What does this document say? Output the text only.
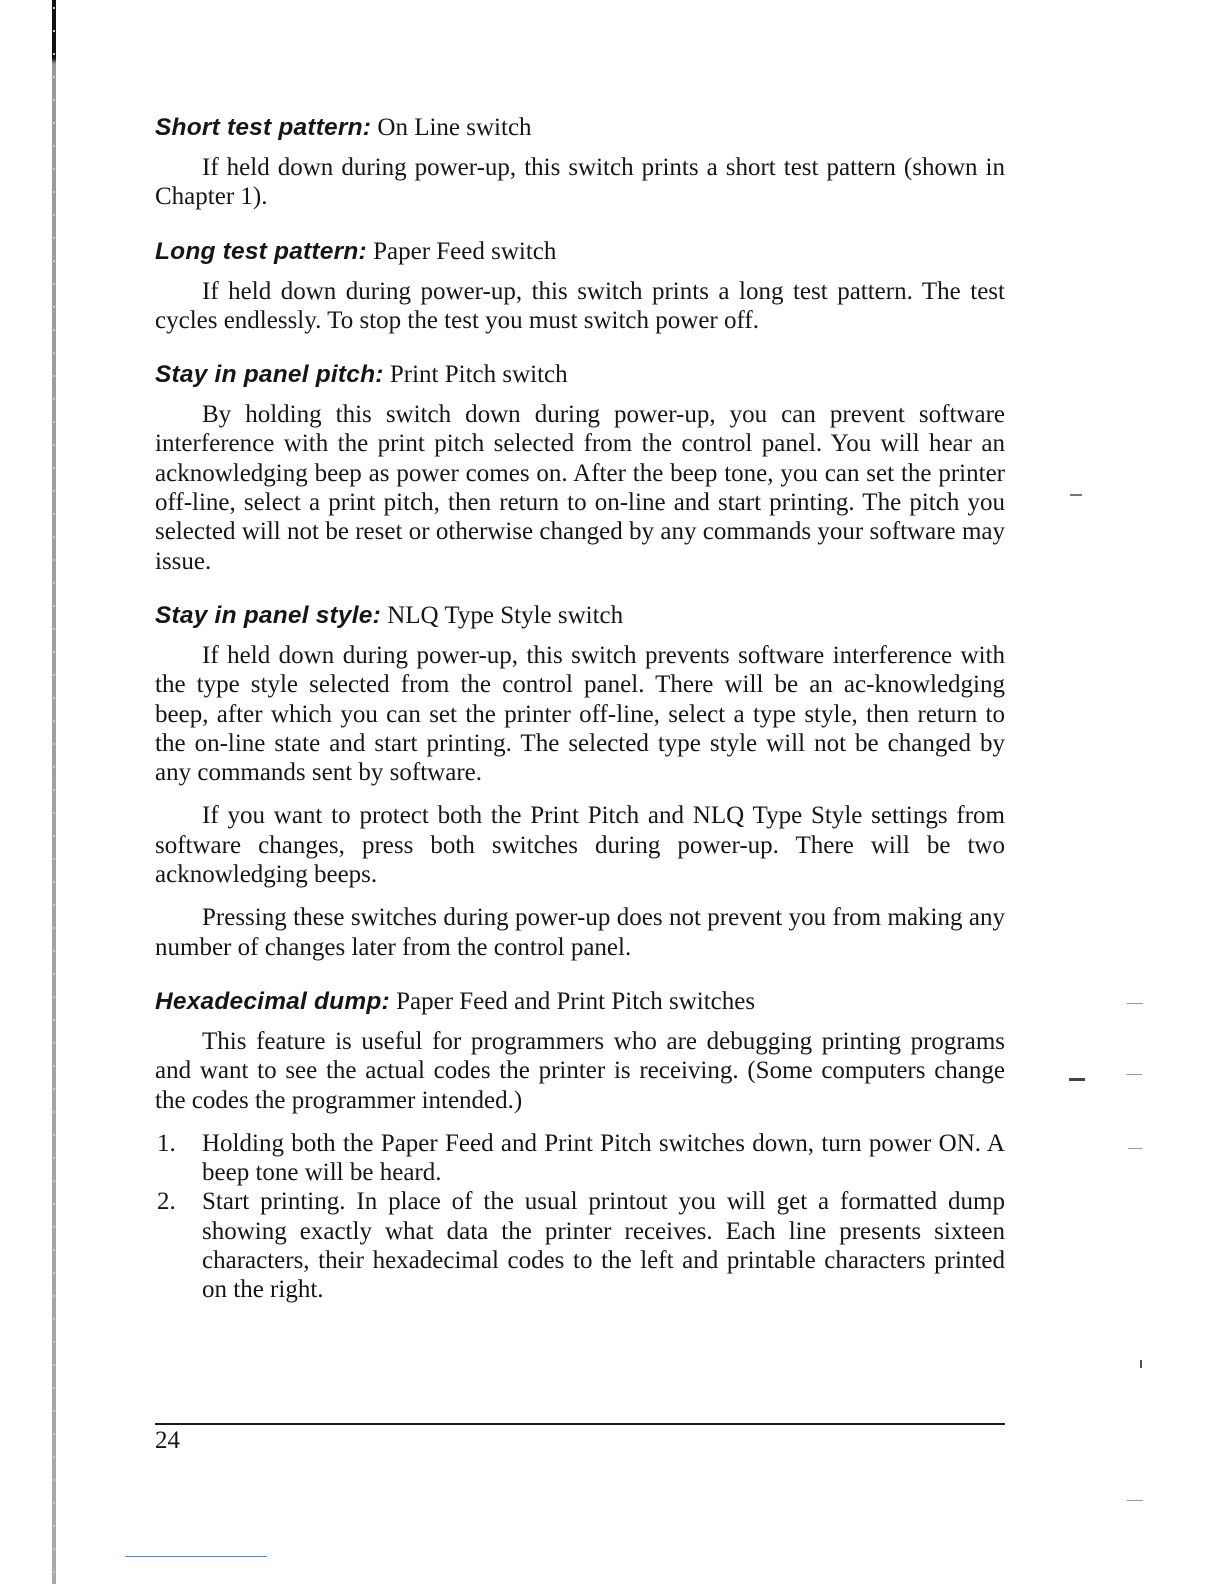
Short test pattern: On Line switch

If held down during power-up, this switch prints a short test pattern (shown in Chapter 1).

Long test pattern: Paper Feed switch

If held down during power-up, this switch prints a long test pattern. The test cycles endlessly. To stop the test you must switch power off.

Stay in panel pitch: Print Pitch switch

By holding this switch down during power-up, you can prevent software interference with the print pitch selected from the control panel. You will hear an acknowledging beep as power comes on. After the beep tone, you can set the printer off-line, select a print pitch, then return to on-line and start printing. The pitch you selected will not be reset or otherwise changed by any commands your software may issue.

Stay in panel style: NLQ Type Style switch

If held down during power-up, this switch prevents software interference with the type style selected from the control panel. There will be an ac-knowledging beep, after which you can set the printer off-line, select a type style, then return to the on-line state and start printing. The selected type style will not be changed by any commands sent by software.

If you want to protect both the Print Pitch and NLQ Type Style settings from software changes, press both switches during power-up. There will be two acknowledging beeps.

Pressing these switches during power-up does not prevent you from making any number of changes later from the control panel.

Hexadecimal dump: Paper Feed and Print Pitch switches

This feature is useful for programmers who are debugging printing programs and want to see the actual codes the printer is receiving. (Some computers change the codes the programmer intended.)

1. Holding both the Paper Feed and Print Pitch switches down, turn power ON. A beep tone will be heard.
2. Start printing. In place of the usual printout you will get a formatted dump showing exactly what data the printer receives. Each line presents sixteen characters, their hexadecimal codes to the left and printable characters printed on the right.
24
